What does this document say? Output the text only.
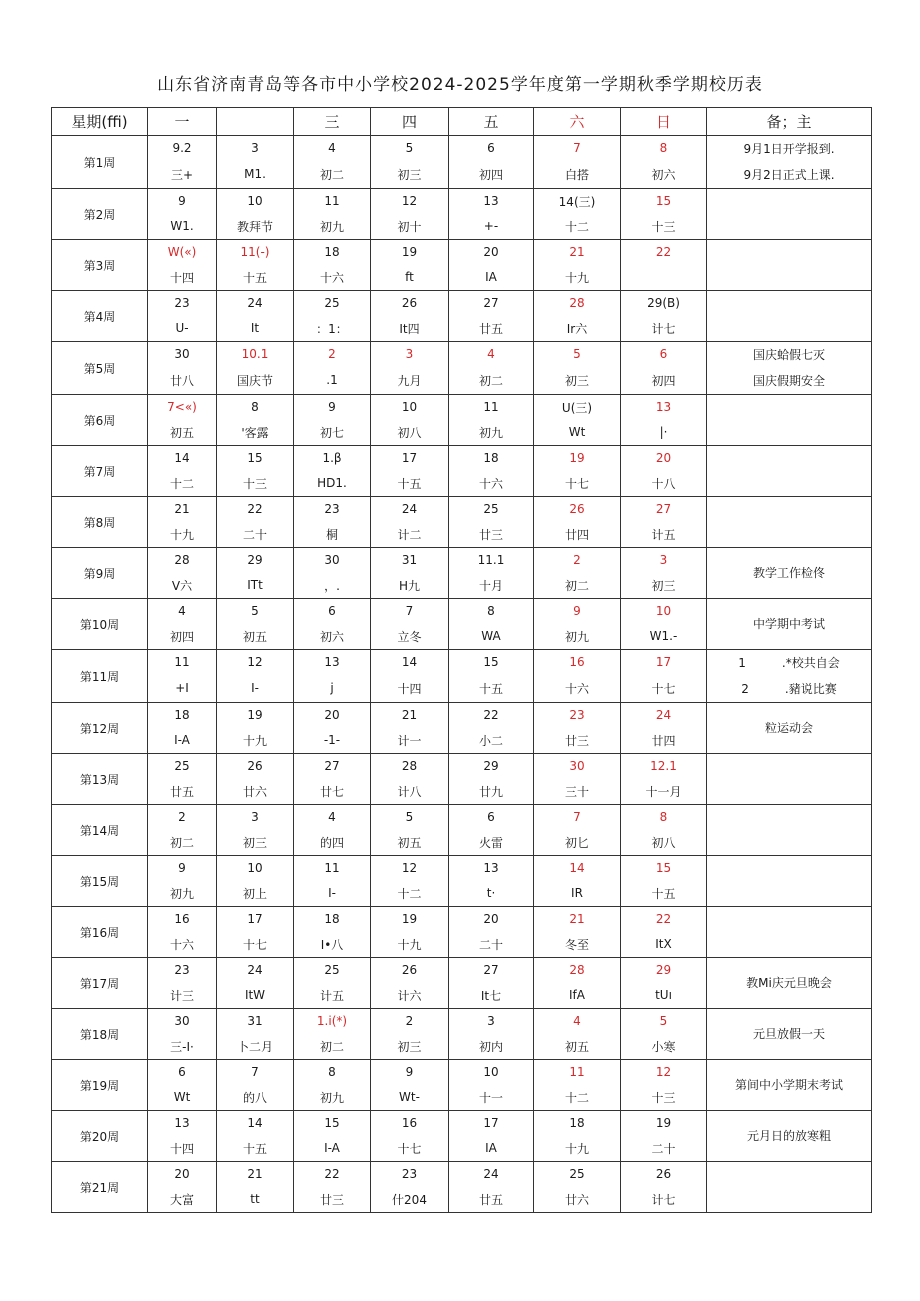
山东省济南青岛等各市中小学校2024-2025学年度第一学期秋季学期校历表
星期(ffi)	一		三	四	五	六	日	备；主
第1周	9.2	3	4	5	6	7	8	9月1日开学报到.
9月2日正式上课.

	三+	M1.	初二	初三	初四	白搭	初六	
第2周	9	10	11	12	13	14(三)	15	
	W1.	教拜节	初九	初十	+-	十二	十三	
第3周	W(«)	11(-)	18	19	20	21	22	
	十四	十五	十六	ft	IA	十九		
第4周	23	24	25	26	27	28	29(B)	
	U-	It	：1：	It四	廿五	Ir六	计七	
第5周	30	10.1	2	3	4	5	6	国庆蛤假七灭
国庆假期安全

	廿八	国庆节	.1	九月	初二	初三	初四	
第6周	7<«)	8	9	10	11	U(三)	13	
	初五	'客露	初七	初八	初九	Wt	|·	
第7周	14	15	1.β	17	18	19	20	
	十二	十三	HD1.	十五	十六	十七	十八	
第8周	21	22	23	24	25	26	27	
	十九	二十	桐	计二	廿三	廿四	计五	
第9周	28	29	30	31	11.1	2	3	教学工作检佟

	V六	ITt	，.	H九	十月	初二	初三	
第10周	4	5	6	7	8	9	10	中学期中考试

	初四	初五	初六	立冬	WA	初九	W1.-	
第11周	11	12	13	14	15	16	17	1　　　.*校共自会
2　　　.豬说比赛

	+I	I-	j	十四	十五	十六	十七	
第12周	18	19	20	21	22	23	24	粒运动会

	I-A	十九	-1-	计一	小二	廿三	廿四	
第13周	25	26	27	28	29	30	12.1	
	廿五	廿六	廿七	计八	廿九	三十	十一月	
第14周	2	3	4	5	6	7	8	
	初二	初三	的四	初五	火雷	初匕	初八	
第15周	9	10	11	12	13	14	15	
	初九	初上	I-	十二	t·	IR	十五	
第16周	16	17	18	19	20	21	22	
	十六	十七	I•八	十九	二十	冬至	ItX	
第17周	23	24	25	26	27	28	29	教Mi庆元旦晚会

	计三	ItW	计五	计六	It七	IfA	tUı	
第18周	30	31	1.i(*)	2	3	4	5	元旦放假一天

	三-I·	卜二月	初二	初三	初内	初五	小寒	
第19周	6	7	8	9	10	11	12	第间中小学期末考试

	Wt	的八	初九	Wt-	十一	十二	十三	
第20周	13	14	15	16	17	18	19	元月日的放寒粗

	十四	十五	I-A	十七	IA	十九	二十	
第21周	20	21	22	23	24	25	26	
	大富	tt	廿三	什204	廿五	廿六	计七	
